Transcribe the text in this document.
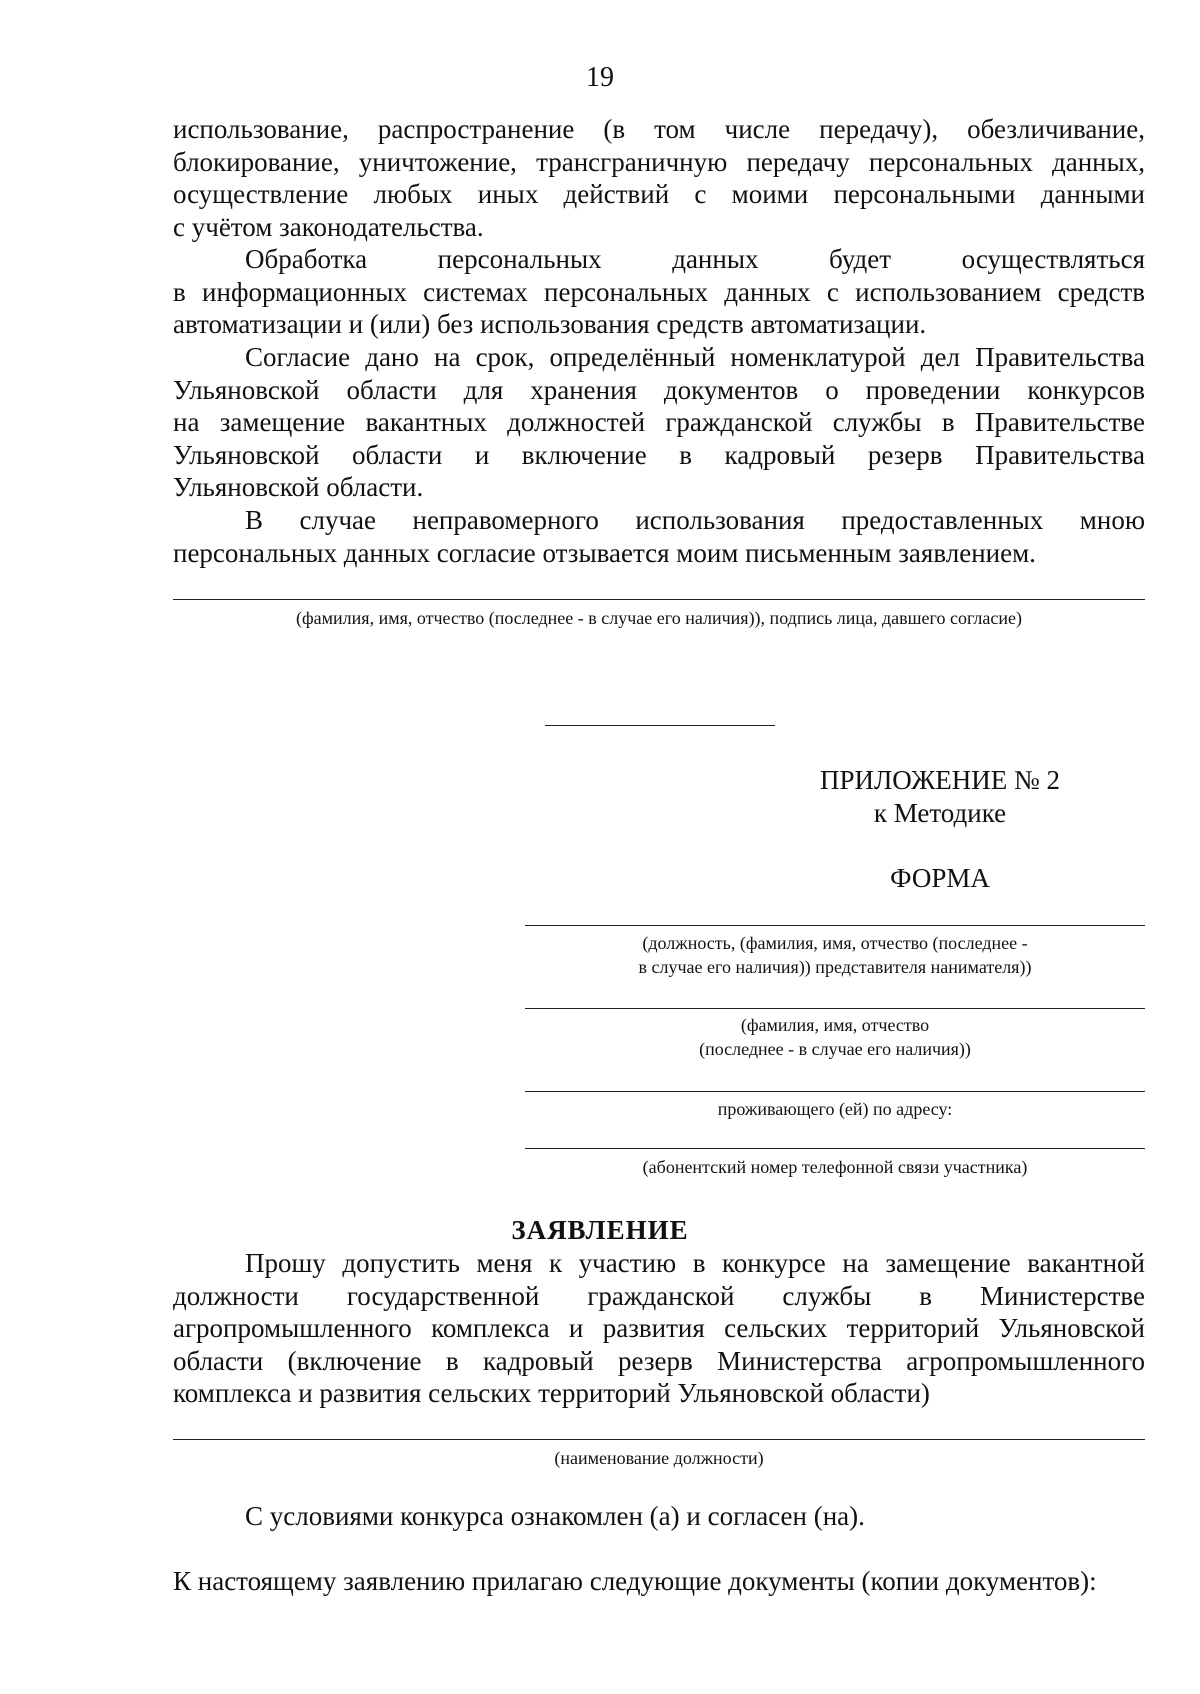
19
использование, распространение (в том числе передачу), обезличивание,
блокирование, уничтожение, трансграничную передачу персональных данных,
осуществление любых иных действий с моими персональными данными
с учётом законодательства.
Обработка персональных данных будет осуществляться
в информационных системах персональных данных с использованием средств
автоматизации и (или) без использования средств автоматизации.
Согласие дано на срок, определённый номенклатурой дел Правительства
Ульяновской области для хранения документов о проведении конкурсов
на замещение вакантных должностей гражданской службы в Правительстве
Ульяновской области и включение в кадровый резерв Правительства
Ульяновской области.
В случае неправомерного использования предоставленных мною
персональных данных согласие отзывается моим письменным заявлением.
(фамилия, имя, отчество (последнее - в случае его наличия)), подпись лица, давшего согласие)
ПРИЛОЖЕНИЕ № 2
к Методике
ФОРМА
(должность, (фамилия, имя, отчество (последнее -
в случае его наличия)) представителя нанимателя))
(фамилия, имя, отчество
(последнее - в случае его наличия))
проживающего (ей) по адресу:
(абонентский номер телефонной связи участника)
ЗАЯВЛЕНИЕ
Прошу допустить меня к участию в конкурсе на замещение вакантной
должности государственной гражданской службы в Министерстве
агропромышленного комплекса и развития сельских территорий Ульяновской
области (включение в кадровый резерв Министерства агропромышленного
комплекса и развития сельских территорий Ульяновской области)
(наименование должности)
С условиями конкурса ознакомлен (а) и согласен (на).
К настоящему заявлению прилагаю следующие документы (копии документов):
